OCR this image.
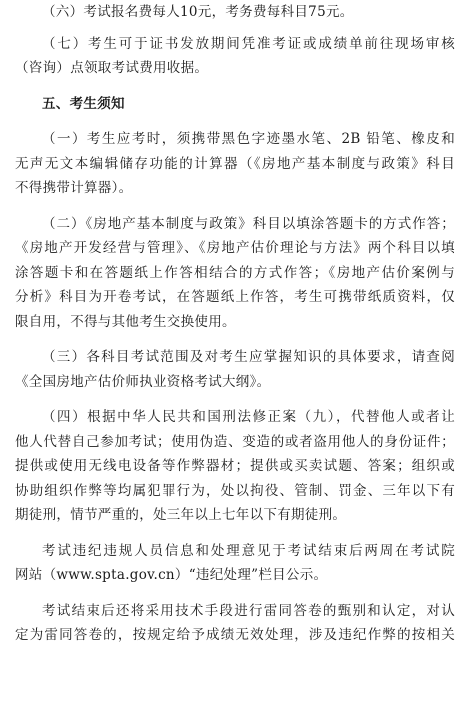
（六）考试报名费每人10元，考务费每科目75元。
（七）考生可于证书发放期间凭准考证或成绩单前往现场审核
（咨询）点领取考试费用收据。
五、考生须知
（一）考生应考时，须携带黑色字迹墨水笔、2B 铅笔、橡皮和
无声无文本编辑储存功能的计算器（《房地产基本制度与政策》科目
不得携带计算器）。
（二）《房地产基本制度与政策》科目以填涂答题卡的方式作答；
《房地产开发经营与管理》、《房地产估价理论与方法》两个科目以填
涂答题卡和在答题纸上作答相结合的方式作答；《房地产估价案例与
分析》科目为开卷考试，在答题纸上作答，考生可携带纸质资料，仅
限自用，不得与其他考生交换使用。
（三）各科目考试范围及对考生应掌握知识的具体要求，请查阅
《全国房地产估价师执业资格考试大纲》。
（四）根据中华人民共和国刑法修正案（九），代替他人或者让
他人代替自己参加考试；使用伪造、变造的或者盗用他人的身份证件；
提供或使用无线电设备等作弊器材；提供或买卖试题、答案；组织或
协助组织作弊等均属犯罪行为，处以拘役、管制、罚金、三年以下有
期徒刑，情节严重的，处三年以上七年以下有期徒刑。
考试违纪违规人员信息和处理意见于考试结束后两周在考试院
网站（www.spta.gov.cn）“违纪处理”栏目公示。
考试结束后还将采用技术手段进行雷同答卷的甄别和认定，对认
定为雷同答卷的，按规定给予成绩无效处理，涉及违纪作弊的按相关
